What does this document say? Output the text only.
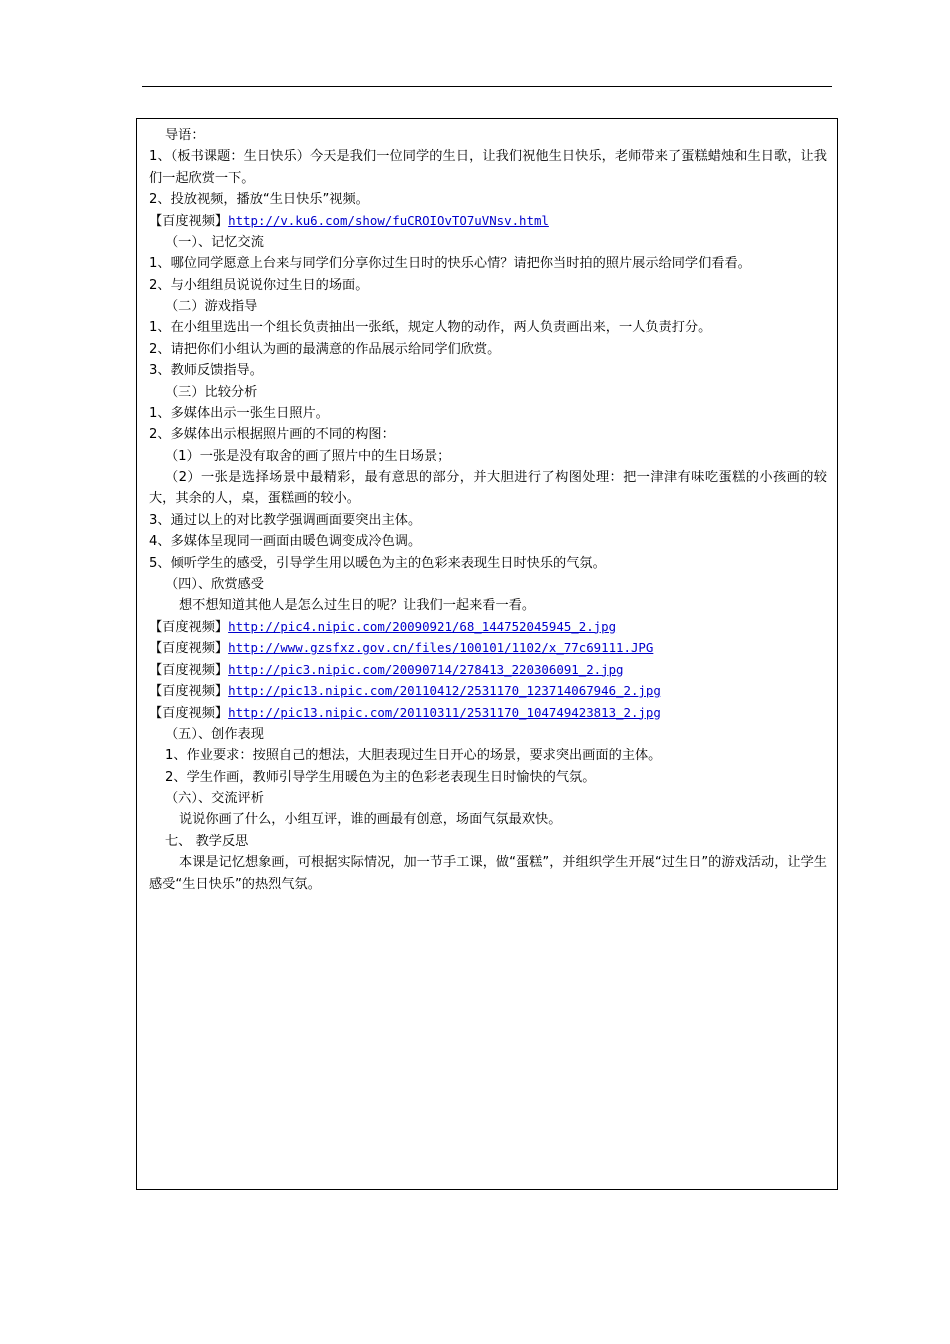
导语：

1、（板书课题：生日快乐）今天是我们一位同学的生日，让我们祝他生日快乐，老师带来了蛋糕蜡烛和生日歌，让我们一起欣赏一下。

2、投放视频，播放“生日快乐”视频。

【百度视频】http://v.ku6.com/show/fuCROIOvTO7uVNsv.html

（一）、记忆交流

1、哪位同学愿意上台来与同学们分享你过生日时的快乐心情？请把你当时拍的照片展示给同学们看看。

2、与小组组员说说你过生日的场面。

（二）游戏指导

1、在小组里选出一个组长负责抽出一张纸，规定人物的动作，两人负责画出来，一人负责打分。

2、请把你们小组认为画的最满意的作品展示给同学们欣赏。

3、教师反馈指导。

（三）比较分析

1、多媒体出示一张生日照片。

2、多媒体出示根据照片画的不同的构图：

（1）一张是没有取舍的画了照片中的生日场景；

（2）一张是选择场景中最精彩，最有意思的部分，并大胆进行了构图处理：把一津津有味吃蛋糕的小孩画的较大，其余的人，桌，蛋糕画的较小。

3、通过以上的对比教学强调画面要突出主体。

4、多媒体呈现同一画面由暖色调变成冷色调。

5、倾听学生的感受，引导学生用以暖色为主的色彩来表现生日时快乐的气氛。

（四）、欣赏感受

想不想知道其他人是怎么过生日的呢？让我们一起来看一看。

【百度视频】http://pic4.nipic.com/20090921/68_144752045945_2.jpg

【百度视频】http://www.gzsfxz.gov.cn/files/100101/1102/x_77c69111.JPG

【百度视频】http://pic3.nipic.com/20090714/278413_220306091_2.jpg

【百度视频】http://pic13.nipic.com/20110412/2531170_123714067946_2.jpg

【百度视频】http://pic13.nipic.com/20110311/2531170_104749423813_2.jpg

（五）、创作表现

1、作业要求：按照自己的想法，大胆表现过生日开心的场景，要求突出画面的主体。

2、学生作画，教师引导学生用暖色为主的色彩老表现生日时愉快的气氛。

（六）、交流评析

说说你画了什么，小组互评，谁的画最有创意，场面气氛最欢快。

七、 教学反思

本课是记忆想象画，可根据实际情况，加一节手工课，做“蛋糕”，并组织学生开展“过生日”的游戏活动，让学生感受“生日快乐”的热烈气氛。
